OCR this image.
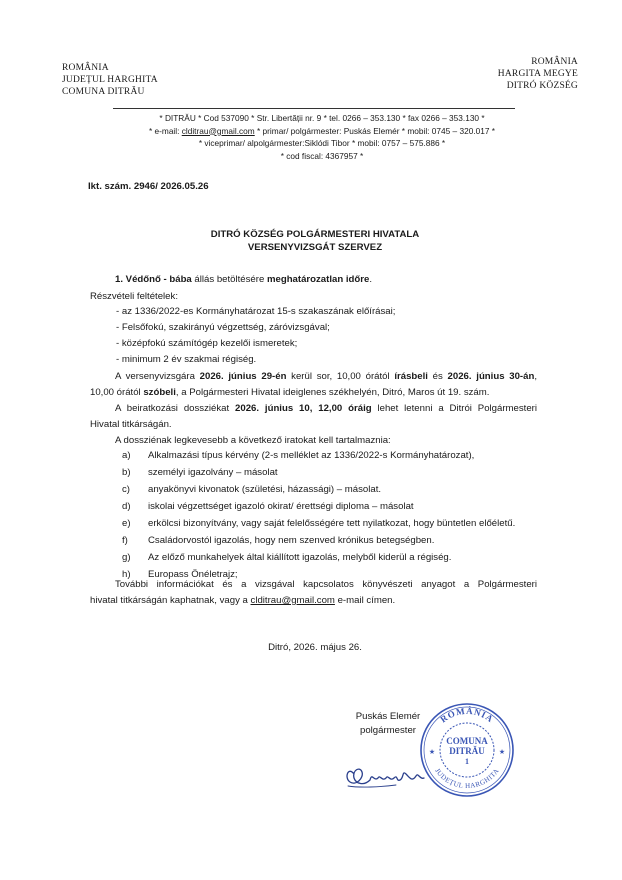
ROMÂNIA
JUDEȚUL HARGHITA
COMUNA DITRĂU
ROMÂNIA
HARGITA MEGYE
DITRÓ KÖZSÉG
* DITRĂU * Cod 537090 * Str. Libertății nr. 9 * tel. 0266 – 353.130 * fax 0266 – 353.130 *
* e-mail: clditrau@gmail.com * primar/ polgármester: Puskás Elemér * mobil: 0745 – 320.017 *
* viceprimar/ alpolgármester:Siklódi Tibor * mobil: 0757 – 575.886 *
* cod fiscal: 4367957 *
Ikt. szám. 2946/ 2026.05.26
DITRÓ KÖZSÉG POLGÁRMESTERI HIVATALA
VERSENYVIZSGÁT SZERVEZ
1. Védőnő - bába állás betöltésére meghatározatlan időre.
Részvételi feltételek:
- az 1336/2022-es Kormányhatározat 15-s szakaszának előírásai;
- Felsőfokú, szakirányú végzettség, záróvizsgával;
- középfokú számítógép kezelői ismeretek;
- minimum 2 év szakmai régiség.
A versenyvizsgára 2026. június 29-én kerül sor, 10,00 órától írásbeli és 2026. június 30-án,
10,00 órától szóbeli, a Polgármesteri Hivatal ideiglenes székhelyén, Ditró, Maros út 19. szám.
A beiratkozási dossziékat 2026. június 10, 12,00 óráig lehet letenni a Ditrói Polgármesteri
Hivatal titkárságán.
A dossziénak legkevesebb a következő iratokat kell tartalmaznia:
a) Alkalmazási típus kérvény (2-s melléklet az 1336/2022-s Kormányhatározat),
b) személyi igazolvány – másolat
c) anyakönyvi kivonatok (születési, házassági) – másolat.
d) iskolai végzettséget igazoló okirat/ érettségi diploma – másolat
e) erkölcsi bizonyítvány, vagy saját felelősségére tett nyilatkozat, hogy büntetlen előéletű.
f) Családorvostól igazolás, hogy nem szenved krónikus betegségben.
g) Az előző munkahelyek által kiállított igazolás, melyből kiderül a régiség.
h) Europass Önéletrajz;
További információkat és a vizsgával kapcsolatos könyvészeti anyagot a Polgármesteri
hivatal titkárságán kaphatnak, vagy a clditrau@gmail.com e-mail címen.
Ditró, 2026. május 26.
Puskás Elemér
polgármester
ROMÂNIA
JUDEȚUL HARGHITA
COMUNA
DITRĂU
1
★	★
